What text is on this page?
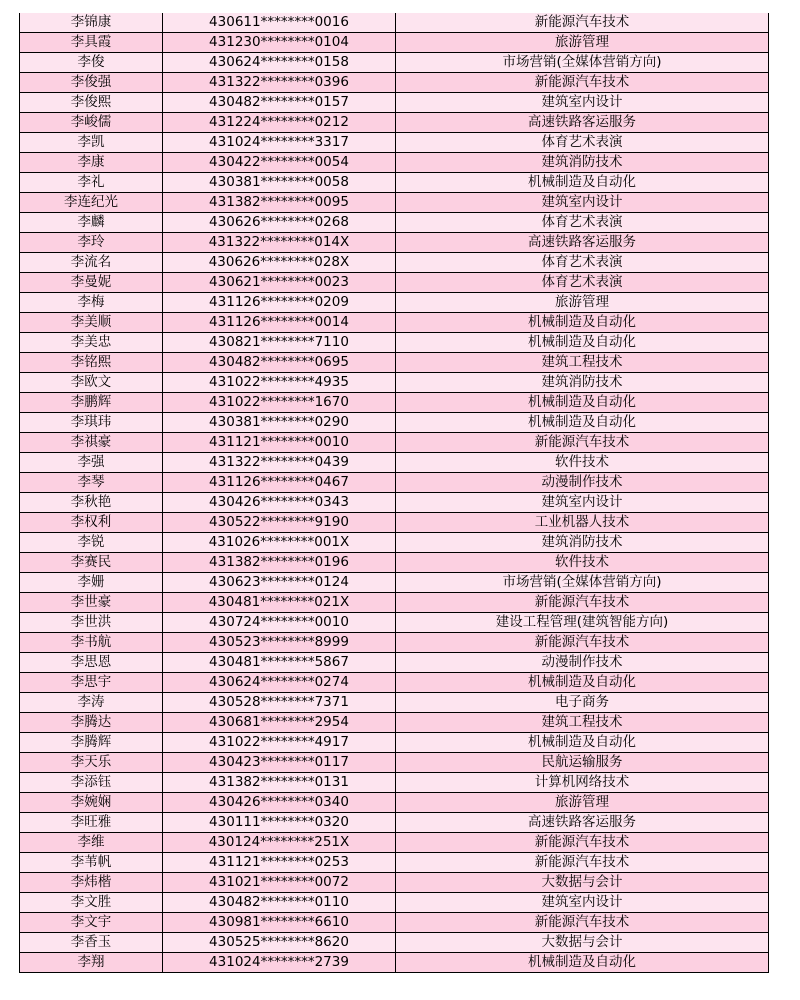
李锦康	430611********0016	新能源汽车技术
李具霞	431230********0104	旅游管理
李俊	430624********0158	市场营销(全媒体营销方向)
李俊强	431322********0396	新能源汽车技术
李俊熙	430482********0157	建筑室内设计
李峻儒	431224********0212	高速铁路客运服务
李凯	431024********3317	体育艺术表演
李康	430422********0054	建筑消防技术
李礼	430381********0058	机械制造及自动化
李连纪光	431382********0095	建筑室内设计
李麟	430626********0268	体育艺术表演
李玲	431322********014X	高速铁路客运服务
李流名	430626********028X	体育艺术表演
李曼妮	430621********0023	体育艺术表演
李梅	431126********0209	旅游管理
李美顺	431126********0014	机械制造及自动化
李美忠	430821********7110	机械制造及自动化
李铭熙	430482********0695	建筑工程技术
李欧文	431022********4935	建筑消防技术
李鹏辉	431022********1670	机械制造及自动化
李琪玮	430381********0290	机械制造及自动化
李祺豪	431121********0010	新能源汽车技术
李强	431322********0439	软件技术
李琴	431126********0467	动漫制作技术
李秋艳	430426********0343	建筑室内设计
李权利	430522********9190	工业机器人技术
李锐	431026********001X	建筑消防技术
李赛民	431382********0196	软件技术
李姗	430623********0124	市场营销(全媒体营销方向)
李世豪	430481********021X	新能源汽车技术
李世洪	430724********0010	建设工程管理(建筑智能方向)
李书航	430523********8999	新能源汽车技术
李思恩	430481********5867	动漫制作技术
李思宇	430624********0274	机械制造及自动化
李涛	430528********7371	电子商务
李腾达	430681********2954	建筑工程技术
李腾辉	431022********4917	机械制造及自动化
李天乐	430423********0117	民航运输服务
李添钰	431382********0131	计算机网络技术
李婉娴	430426********0340	旅游管理
李旺雅	430111********0320	高速铁路客运服务
李维	430124********251X	新能源汽车技术
李苇帆	431121********0253	新能源汽车技术
李炜楷	431021********0072	大数据与会计
李文胜	430482********0110	建筑室内设计
李文宇	430981********6610	新能源汽车技术
李香玉	430525********8620	大数据与会计
李翔	431024********2739	机械制造及自动化
